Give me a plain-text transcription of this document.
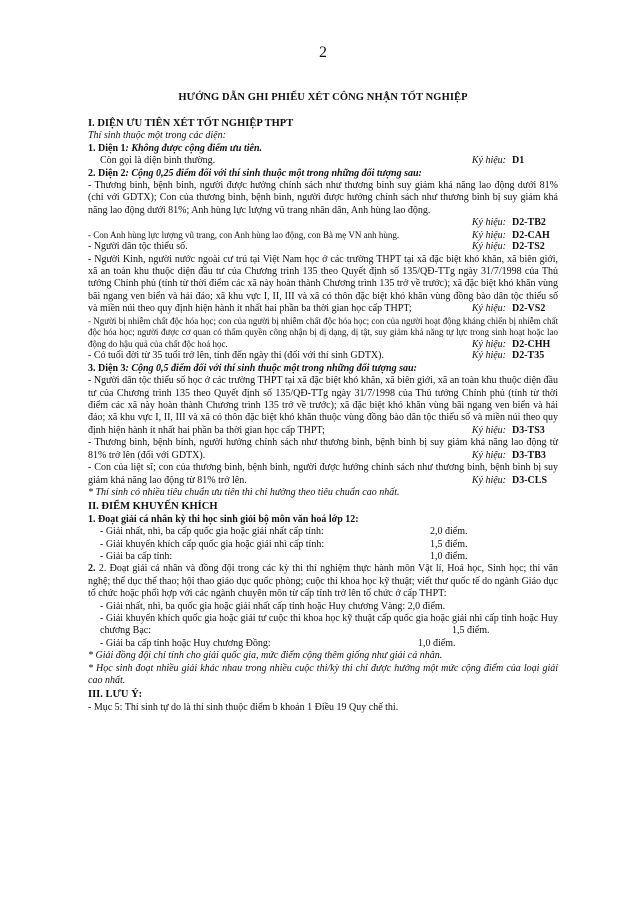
2
HƯỚNG DẪN GHI PHIẾU XÉT CÔNG NHẬN TỐT NGHIỆP

I. DIỆN ƯU TIÊN XÉT TỐT NGHIỆP THPT

Thí sinh thuộc một trong các diện:

1. Diện 1: Không được cộng điểm ưu tiên.

Ký hiệu: D1
Còn gọi là diện bình thường.

2. Diện 2: Cộng 0,25 điểm đối với thí sinh thuộc một trong những đối tượng sau:

- Thương binh, bệnh binh, người được hưởng chính sách như thương binh suy giảm khả năng lao động dưới 81% (chỉ với GDTX); Con của thương binh, bệnh binh, người được hưởng chính sách như thương binh bị suy giảm khả năng lao động dưới 81%; Anh hùng lực lượng vũ trang nhân dân, Anh hùng lao động.
Ký hiệu: D2-TB2

- Con Anh hùng lực lượng vũ trang, con Anh hùng lao động, con Bà mẹ VN anh hùng.	Ký hiệu: D2-CAH

- Người dân tộc thiểu số.	Ký hiệu: D2-TS2

- Người Kinh, người nước ngoài cư trú tại Việt Nam học ở các trường THPT tại xã đặc biệt khó khăn, xã biên giới, xã an toàn khu thuộc diện đầu tư của Chương trình 135 theo Quyết định số 135/QĐ-TTg ngày 31/7/1998 của Thủ tướng Chính phủ (tính từ thời điểm các xã này hoàn thành Chương trình 135 trở về trước); xã đặc biệt khó khăn vùng bãi ngang ven biển và hải đảo; xã khu vực I, II, III và xã có thôn đặc biệt khó khăn vùng đồng bào dân tộc thiểu số và miền núi theo quy định hiện hành ít nhất hai phần ba thời gian học cấp THPT;	Ký hiệu: D2-VS2

- Người bị nhiễm chất độc hóa học; con của người bị nhiễm chất độc hóa học; con của người hoạt động kháng chiến bị nhiễm chất độc hóa học; người được cơ quan có thẩm quyền công nhận bị dị dạng, dị tật, suy giảm khả năng tự lực trong sinh hoạt hoặc lao động do hậu quả của chất độc hoá học.	Ký hiệu: D2-CHH

- Có tuổi đời từ 35 tuổi trở lên, tính đến ngày thi (đối với thí sinh GDTX).	Ký hiệu: D2-T35

3. Diện 3: Cộng 0,5 điểm đối với thí sinh thuộc một trong những đối tượng sau:

- Người dân tộc thiểu số học ở các trường THPT tại xã đặc biệt khó khăn, xã biên giới, xã an toàn khu thuộc diện đầu tư của Chương trình 135 theo Quyết định số 135/QĐ-TTg ngày 31/7/1998 của Thủ tướng Chính phủ (tính từ thời điểm các xã này hoàn thành Chương trình 135 trở về trước); xã đặc biệt khó khăn vùng bãi ngang ven biển và hải đảo; xã khu vực I, II, III và xã có thôn đặc biệt khó khăn thuộc vùng đồng bào dân tộc thiểu số và miền núi theo quy định hiện hành ít nhất hai phần ba thời gian học cấp THPT;	Ký hiệu: D3-TS3

- Thương binh, bệnh binh, người hưởng chính sách như thương binh, bệnh binh bị suy giảm khả năng lao động từ 81% trở lên (đối với GDTX).	Ký hiệu: D3-TB3

- Con của liệt sĩ; con của thương binh, bệnh binh, người được hưởng chính sách như thương binh, bệnh binh bị suy giảm khả năng lao động từ 81% trở lên.	Ký hiệu: D3-CLS

* Thí sinh có nhiều tiêu chuẩn ưu tiên thì chỉ hưởng theo tiêu chuẩn cao nhất.

II. ĐIỂM KHUYẾN KHÍCH

1. Đoạt giải cá nhân kỳ thi học sinh giỏi bộ môn văn hoá lớp 12:

- Giải nhất, nhì, ba cấp quốc gia hoặc giải nhất cấp tỉnh:	2,0 điểm.
- Giải khuyến khích cấp quốc gia hoặc giải nhì cấp tỉnh:	1,5 điểm.
- Giải ba cấp tỉnh:	1,0 điểm.

2. 2. Đoạt giải cá nhân và đồng đội trong các kỳ thi thí nghiệm thực hành môn Vật lí, Hoá học, Sinh học; thi văn nghệ; thể dục thể thao; hội thao giáo dục quốc phòng; cuộc thi khoa học kỹ thuật; viết thư quốc tế do ngành Giáo dục tổ chức hoặc phối hợp với các ngành chuyên môn từ cấp tỉnh trở lên tổ chức ở cấp THPT:

- Giải nhất, nhì, ba quốc gia hoặc giải nhất cấp tỉnh hoặc Huy chương Vàng:
2,0 điểm.
- Giải khuyến khích quốc gia hoặc giải tư cuộc thi khoa học kỹ thuật cấp quốc gia hoặc giải nhì cấp tỉnh hoặc Huy chương Bạc:	1,5 điểm.
- Giải ba cấp tỉnh hoặc Huy chương Đồng:	1,0 điểm.

* Giải đồng đội chỉ tính cho giải quốc gia, mức điểm cộng thêm giống như giải cá nhân.

* Học sinh đoạt nhiều giải khác nhau trong nhiều cuộc thi/kỳ thi chỉ được hưởng một mức cộng điểm của loại giải cao nhất.

III. LƯU Ý:

- Mục 5: Thí sinh tự do là thí sinh thuộc điểm b khoản 1 Điều 19 Quy chế thi.
